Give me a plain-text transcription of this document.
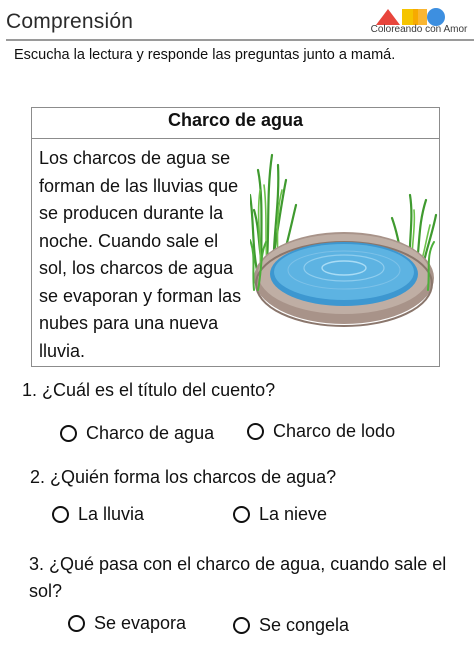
Comprensión	Coloreando con Amor
Escucha la lectura y responde las preguntas junto a mamá.
Charco de agua
Los charcos de agua se
forman de las lluvias que
se producen durante la
noche. Cuando sale el
sol, los charcos de agua
se evaporan y forman las
nubes para una nueva
lluvia.
1. ¿Cuál es el título del cuento?
Charco de agua	Charco de lodo
2. ¿Quién forma los charcos de agua?
La lluvia	La nieve
3. ¿Qué pasa con el charco de agua, cuando sale el
sol?
Se evapora	Se congela
